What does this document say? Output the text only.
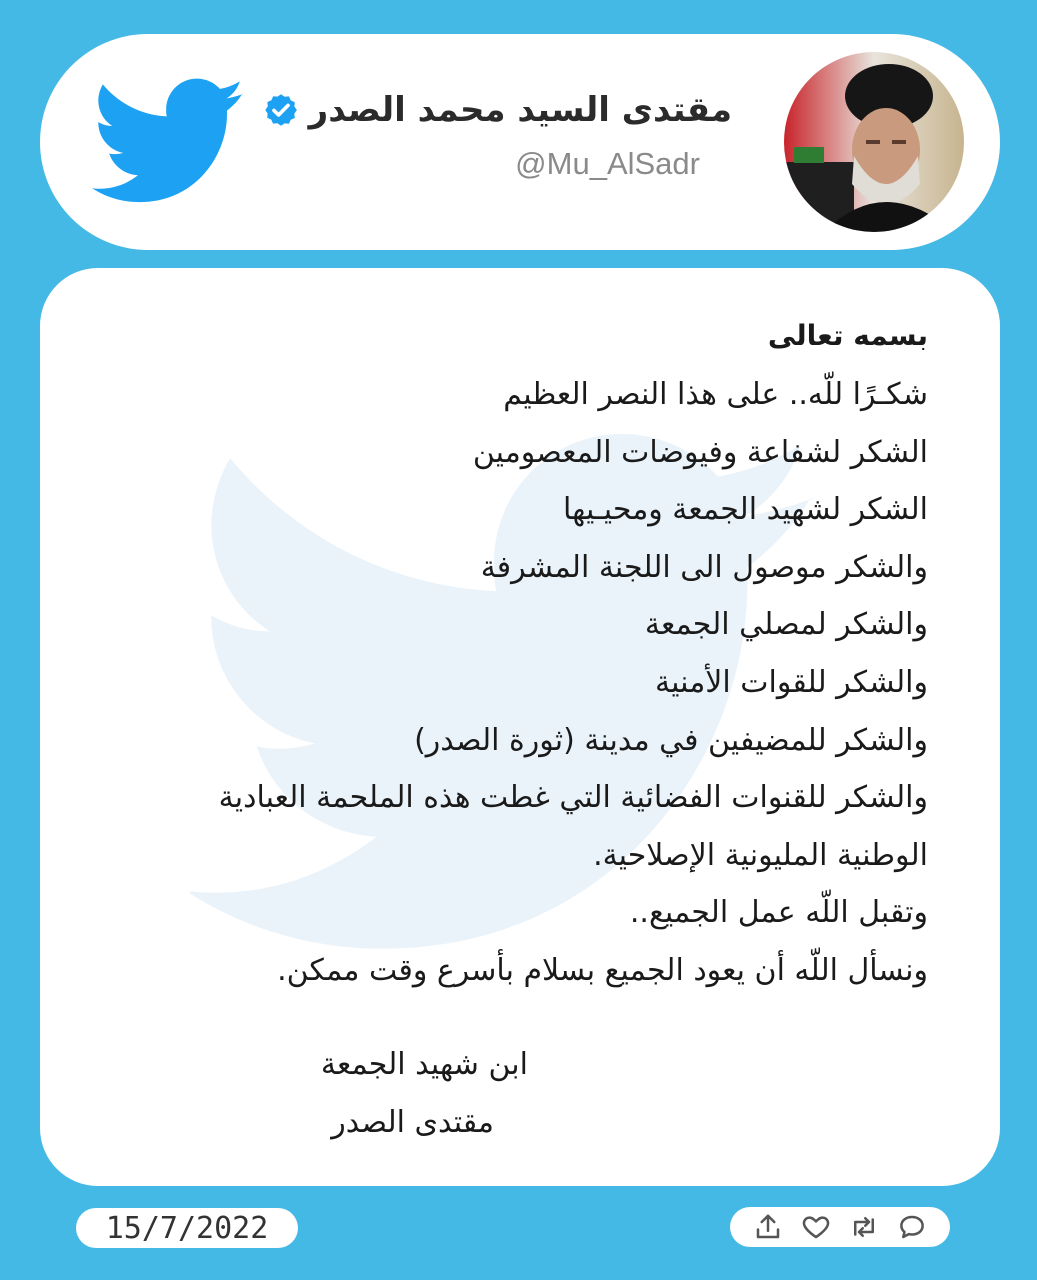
مقتدى السيد محمد الصدر
@Mu_AlSadr
بسمه تعالى
شكـرًا للّه.. على هذا النصر العظيم
الشكر لشفاعة وفيوضات المعصومين
الشكر لشهيد الجمعة ومحيـيها
والشكر موصول الى اللجنة المشرفة
والشكر لمصلي الجمعة
والشكر للقوات الأمنية
والشكر للمضيفين في مدينة (ثورة الصدر)
والشكر للقنوات الفضائية التي غطت هذه الملحمة العبادية
الوطنية المليونية الإصلاحية.
وتقبل اللّه عمل الجميع..
ونسأل اللّه أن يعود الجميع بسلام بأسرع وقت ممكن.
ابن شهيد الجمعة
مقتدى الصدر
15/7/2022
